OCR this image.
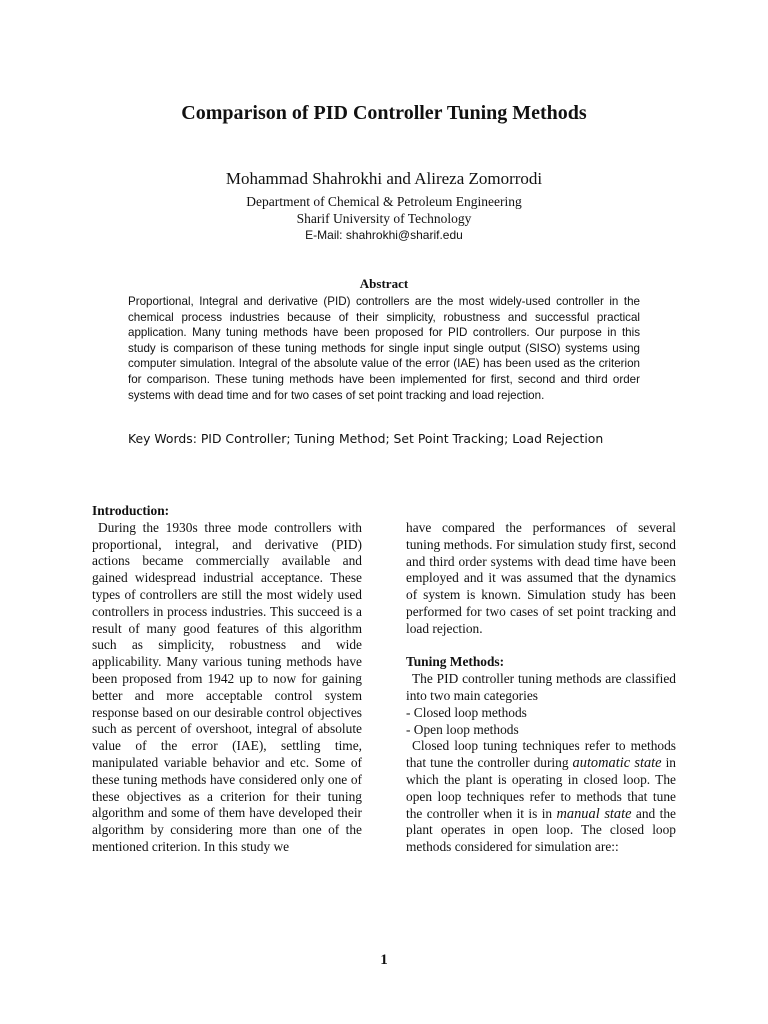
Comparison of PID Controller Tuning Methods
Mohammad Shahrokhi and Alireza Zomorrodi
Department of Chemical & Petroleum Engineering
Sharif University of Technology
E-Mail: shahrokhi@sharif.edu
Abstract

Proportional, Integral and derivative (PID) controllers are the most widely-used controller in the chemical process industries because of their simplicity, robustness and successful practical application. Many tuning methods have been proposed for PID controllers. Our purpose in this study is comparison of these tuning methods for single input single output (SISO) systems using computer simulation. Integral of the absolute value of the error (IAE) has been used as the criterion for comparison. These tuning methods have been implemented for first, second and third order systems with dead time and for two cases of set point tracking and load rejection.

Key Words: PID Controller; Tuning Method; Set Point Tracking; Load Rejection

Introduction:

During the 1930s three mode controllers with proportional, integral, and derivative (PID) actions became commercially available and gained widespread industrial acceptance. These types of controllers are still the most widely used controllers in process industries. This succeed is a result of many good features of this algorithm such as simplicity, robustness and wide applicability. Many various tuning methods have been proposed from 1942 up to now for gaining better and more acceptable control system response based on our desirable control objectives such as percent of overshoot, integral of absolute value of the error (IAE), settling time, manipulated variable behavior and etc. Some of these tuning methods have considered only one of these objectives as a criterion for their tuning algorithm and some of them have developed their algorithm by considering more than one of the mentioned criterion. In this study we

have compared the performances of several tuning methods. For simulation study first, second and third order systems with dead time have been employed and it was assumed that the dynamics of system is known. Simulation study has been performed for two cases of set point tracking and load rejection.

Tuning Methods:

The PID controller tuning methods are classified into two main categories

- Closed loop methods

- Open loop methods

Closed loop tuning techniques refer to methods that tune the controller during automatic state in which the plant is operating in closed loop. The open loop techniques refer to methods that tune the controller when it is in manual state and the plant operates in open loop. The closed loop methods considered for simulation are::

1
